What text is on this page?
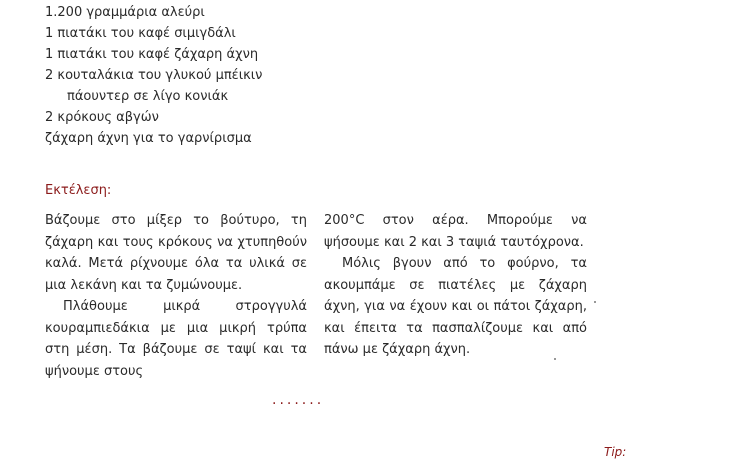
1.200 γραμμάρια αλεύρι
1 πιατάκι του καφέ σιμιγδάλι
1 πιατάκι του καφέ ζάχαρη άχνη
2 κουταλάκια του γλυκού μπέικιν
πάουντερ σε λίγο κονιάκ
2 κρόκους αβγών
ζάχαρη άχνη για το γαρνίρισμα
Εκτέλεση:

Βάζουμε στο μίξερ το βούτυρο, τη ζάχαρη και τους κρόκους να χτυπηθούν καλά. Μετά ρίχνουμε όλα τα υλικά σε μια λεκάνη και τα ζυμώνουμε.

Πλάθουμε μικρά στρογγυλά κουραμπιεδάκια με μια μικρή τρύπα στη μέση. Τα βάζουμε σε ταψί και τα ψήνουμε στους

200°C στον αέρα. Μπορούμε να ψήσουμε και 2 και 3 ταψιά ταυτόχρονα.

Μόλις βγουν από το φούρνο, τα ακουμπάμε σε πιατέλες με ζάχαρη άχνη, για να έχουν και οι πάτοι ζάχαρη, και έπειτα τα πασπαλίζουμε και από πάνω με ζάχαρη άχνη.

·······
Tip:
